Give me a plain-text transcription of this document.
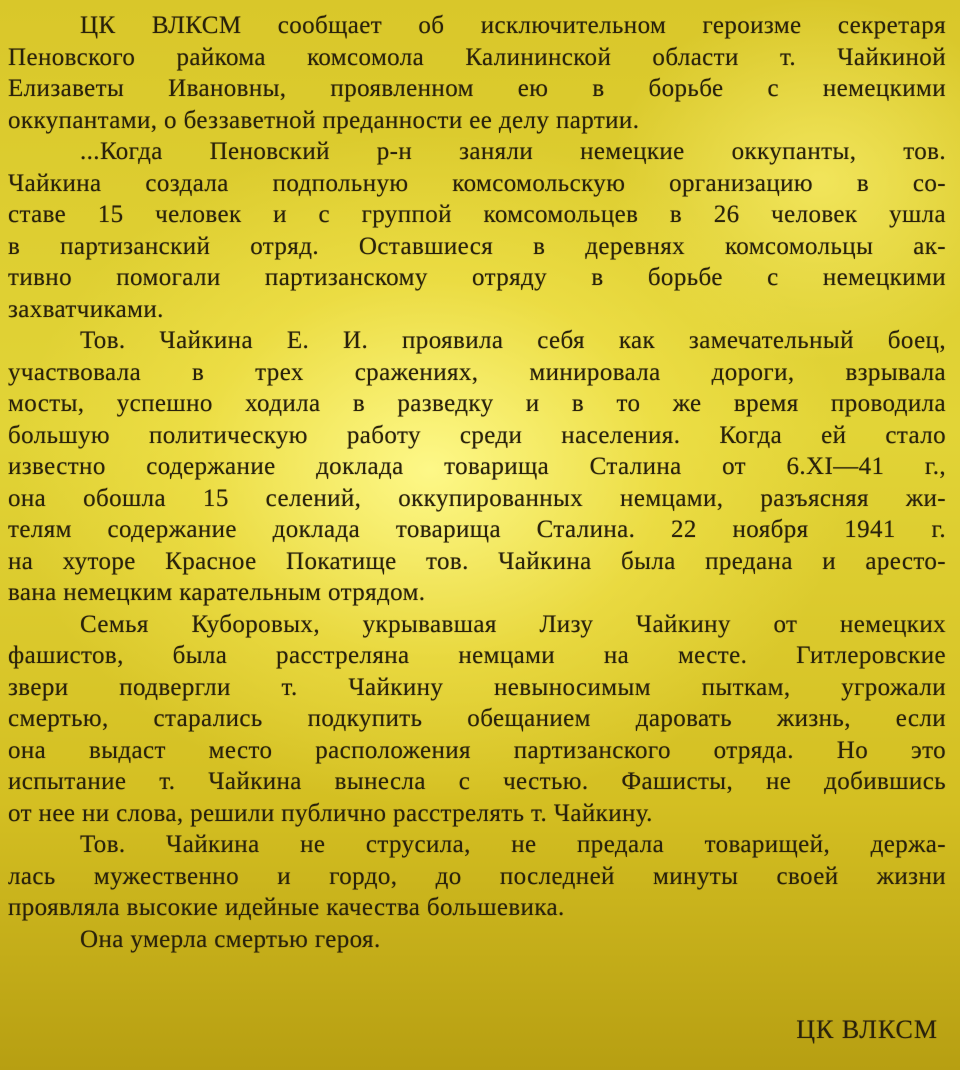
ЦК ВЛКСМ сообщает об исключительном героизме секретаря
Пеновского райкома комсомола Калининской области т. Чайкиной
Елизаветы Ивановны, проявленном ею в борьбе с немецкими
оккупантами, о беззаветной преданности ее делу партии.
...Когда Пеновский р-н заняли немецкие оккупанты, тов.
Чайкина создала подпольную комсомольскую организацию в со-
ставе 15 человек и с группой комсомольцев в 26 человек ушла
в партизанский отряд. Оставшиеся в деревнях комсомольцы ак-
тивно помогали партизанскому отряду в борьбе с немецкими
захватчиками.
Тов. Чайкина Е. И. проявила себя как замечательный боец,
участвовала в трех сражениях, минировала дороги, взрывала
мосты, успешно ходила в разведку и в то же время проводила
большую политическую работу среди населения. Когда ей стало
известно содержание доклада товарища Сталина от 6.XI—41 г.,
она обошла 15 селений, оккупированных немцами, разъясняя жи-
телям содержание доклада товарища Сталина. 22 ноября 1941 г.
на хуторе Красное Покатище тов. Чайкина была предана и аресто-
вана немецким карательным отрядом.
Семья Куборовых, укрывавшая Лизу Чайкину от немецких
фашистов, была расстреляна немцами на месте. Гитлеровские
звери подвергли т. Чайкину невыносимым пыткам, угрожали
смертью, старались подкупить обещанием даровать жизнь, если
она выдаст место расположения партизанского отряда. Но это
испытание т. Чайкина вынесла с честью. Фашисты, не добившись
от нее ни слова, решили публично расстрелять т. Чайкину.
Тов. Чайкина не струсила, не предала товарищей, держа-
лась мужественно и гордо, до последней минуты своей жизни
проявляла высокие идейные качества большевика.
Она умерла смертью героя.
ЦК ВЛКСМ
